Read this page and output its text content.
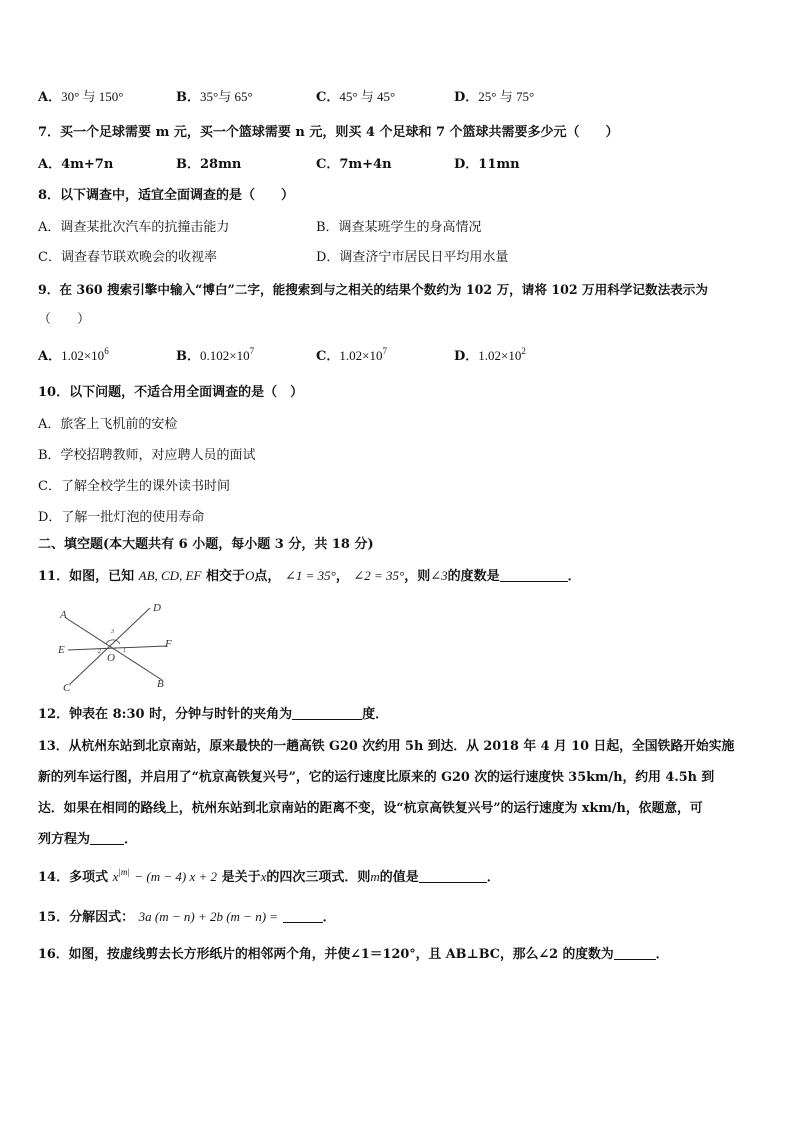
A．30° 与 150°	B．35°与 65°	C．45° 与 45°	D．25° 与 75°
7．买一个足球需要 m 元，买一个篮球需要 n 元，则买 4 个足球和 7 个篮球共需要多少元（　　）
A．4m+7n	B．28mn	C．7m+4n	D．11mn
8．以下调查中，适宜全面调查的是（　　）
A．调查某批次汽车的抗撞击能力	B．调查某班学生的身高情况
C．调查春节联欢晚会的收视率	D．调查济宁市居民日平均用水量
9．在 360 搜索引擎中输入“博白”二字，能搜索到与之相关的结果个数约为 102 万，请将 102 万用科学记数法表示为
（　　）
A．$1.02\times 10^6$	B．$0.102\times 10^7$	C．$1.02\times 10^7$	D．$1.02\times 10^2$
10．以下问题，不适合用全面调查的是（　）
A．旅客上飞机前的安检
B．学校招聘教师，对应聘人员的面试
C．了解全校学生的课外读书时间
D．了解一批灯泡的使用寿命
二、填空题(本大题共有 6 小题，每小题 3 分，共 18 分)
11．如图，已知 AB, CD, EF 相交于O点， ∠1 = 35°， ∠2 = 35°，则∠3的度数是	．
A
D
E	F
C	B
O
2	1
3
12．钟表在 8:30 时，分钟与时针的夹角为	度．
13．从杭州东站到北京南站，原来最快的一趟高铁 G20 次约用 5h 到达．从 2018 年 4 月 10 日起，全国铁路开始实施
新的列车运行图，并启用了“杭京高铁复兴号”，它的运行速度比原来的 G20 次的运行速度快 35km/h，约用 4.5h 到
达．如果在相同的路线上，杭州东站到北京南站的距离不变，设“杭京高铁复兴号”的运行速度为 xkm/h，依题意，可
列方程为	．
14．多项式 $x^{|m|} - (m - 4) x + 2$ 是关于x的四次三项式．则m的值是	．
15．分解因式： 3a (m − n) + 2b (m − n) =	．
16．如图，按虚线剪去长方形纸片的相邻两个角，并使∠1＝120°，且 AB⊥BC，那么∠2 的度数为	．
